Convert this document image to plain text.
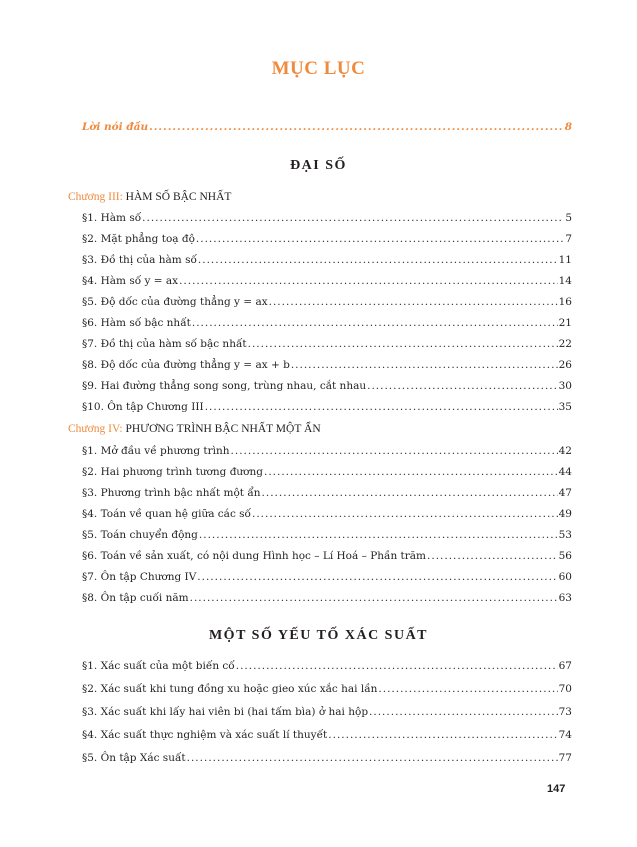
MỤC LỤC
Lời nói đầu .....	8
ĐẠI SỐ
Chương III: HÀM SỐ BẬC NHẤT
§1. Hàm số .....	5
§2. Mặt phẳng toạ độ .....	7
§3. Đồ thị của hàm số .....	11
§4. Hàm số y = ax .....	14
§5. Độ dốc của đường thẳng y = ax .....	16
§6. Hàm số bậc nhất .....	21
§7. Đồ thị của hàm số bậc nhất .....	22
§8. Độ dốc của đường thẳng y = ax + b .....	26
§9. Hai đường thẳng song song, trùng nhau, cắt nhau .....	30
§10. Ôn tập Chương III .....	35
Chương IV: PHƯƠNG TRÌNH BẬC NHẤT MỘT ẨN
§1. Mở đầu về phương trình .....	42
§2. Hai phương trình tương đương .....	44
§3. Phương trình bậc nhất một ẩn .....	47
§4. Toán về quan hệ giữa các số .....	49
§5. Toán chuyển động .....	53
§6. Toán về sản xuất, có nội dung Hình học – Lí Hoá – Phần trăm .....	56
§7. Ôn tập Chương IV .....	60
§8. Ôn tập cuối năm .....	63
MỘT SỐ YẾU TỐ XÁC SUẤT
§1. Xác suất của một biến cố .....	67
§2. Xác suất khi tung đồng xu hoặc gieo xúc xắc hai lần .....	70
§3. Xác suất khi lấy hai viên bi (hai tấm bìa) ở hai hộp .....	73
§4. Xác suất thực nghiệm và xác suất lí thuyết .....	74
§5. Ôn tập Xác suất .....	77
147
